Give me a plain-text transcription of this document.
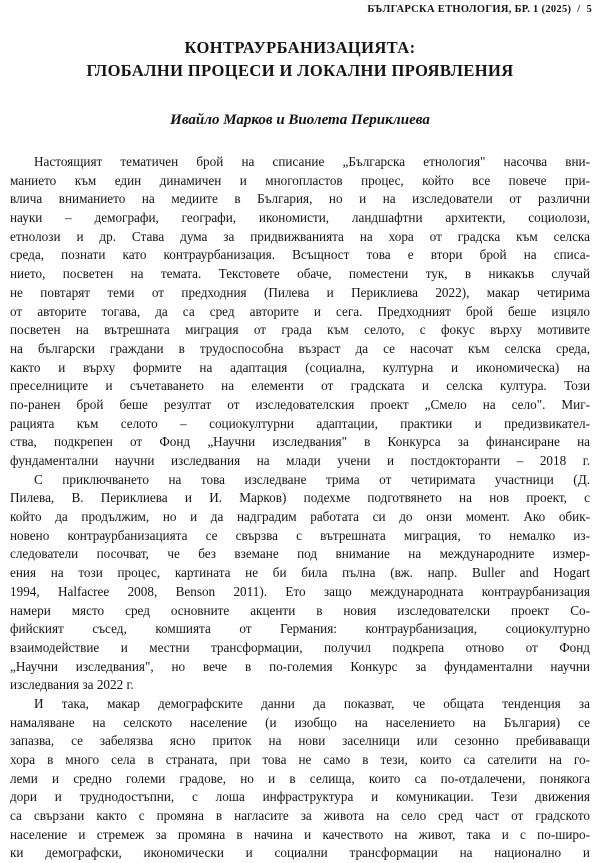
БЪЛГАРСКА ЕТНОЛОГИЯ, БР. 1 (2025) / 5
КОНТРАУРБАНИЗАЦИЯТА:
ГЛОБАЛНИ ПРОЦЕСИ И ЛОКАЛНИ ПРОЯВЛЕНИЯ
Ивайло Марков и Виолета Периклиева
Настоящият тематичен брой на списание „Българска етнология" насочва вни-
манието към един динамичен и многопластов процес, който все повече при-
влича вниманието на медиите в България, но и на изследователи от различни
науки – демографи, географи, икономисти, ландшафтни архитекти, социолози,
етнолози и др. Става дума за придвижванията на хора от градска към селска
среда, познати като контраурбанизация. Всъщност това е втори брой на списа-
нието, посветен на темата. Текстовете обаче, поместени тук, в никакъв случай
не повтарят теми от предходния (Пилева и Периклиева 2022), макар четирима
от авторите тогава, да са сред авторите и сега. Предходният брой беше изцяло
посветен на вътрешната миграция от града към селото, с фокус върху мотивите
на български граждани в трудоспособна възраст да се насочат към селска среда,
както и върху формите на адаптация (социална, културна и икономическа) на
преселниците и съчетаването на елементи от градската и селска култура. Този
по-ранен брой беше резултат от изследователския проект „Смело на село". Миг-
рацията към селото – социокултурни адаптации, практики и предизвикател-
ства, подкрепен от Фонд „Научни изследвания" в Конкурса за финансиране на
фундаментални научни изследвания на млади учени и постдокторанти – 2018 г.
С приключването на това изследване трима от четиримата участници (Д.
Пилева, В. Периклиева и И. Марков) подехме подготвянето на нов проект, с
който да продължим, но и да надградим работата си до онзи момент. Ако обик-
новено контраурбанизацията се свързва с вътрешната миграция, то немалко из-
следователи посочват, че без вземане под внимание на международните измер-
ения на този процес, картината не би била пълна (вж. напр. Buller and Hogart
1994, Halfacree 2008, Benson 2011). Ето защо международната контраурбанизация
намери място сред основните акценти в новия изследователски проект Со-
фийският съсед, комшията от Германия: контраурбанизация, социокултурно
взаимодействие и местни трансформации, получил подкрепа отново от Фонд
„Научни изследвания", но вече в по-големия Конкурс за фундаментални научни
изследвания за 2022 г.
И така, макар демографските данни да показват, че общата тенденция за
намаляване на селското население (и изобщо на населението на България) се
запазва, се забелязва ясно приток на нови заселници или сезонно пребиваващи
хора в много села в страната, при това не само в тези, които са сателити на го-
леми и средно големи градове, но и в селища, които са по-отдалечени, понякога
дори и труднодостъпни, с лоша инфраструктура и комуникации. Тези движения
са свързани както с промяна в нагласите за живота на село сред част от градското
население и стремеж за промяна в начина и качеството на живот, така и с по-широ-
ки демографски, икономически и социални трансформации на национално и
